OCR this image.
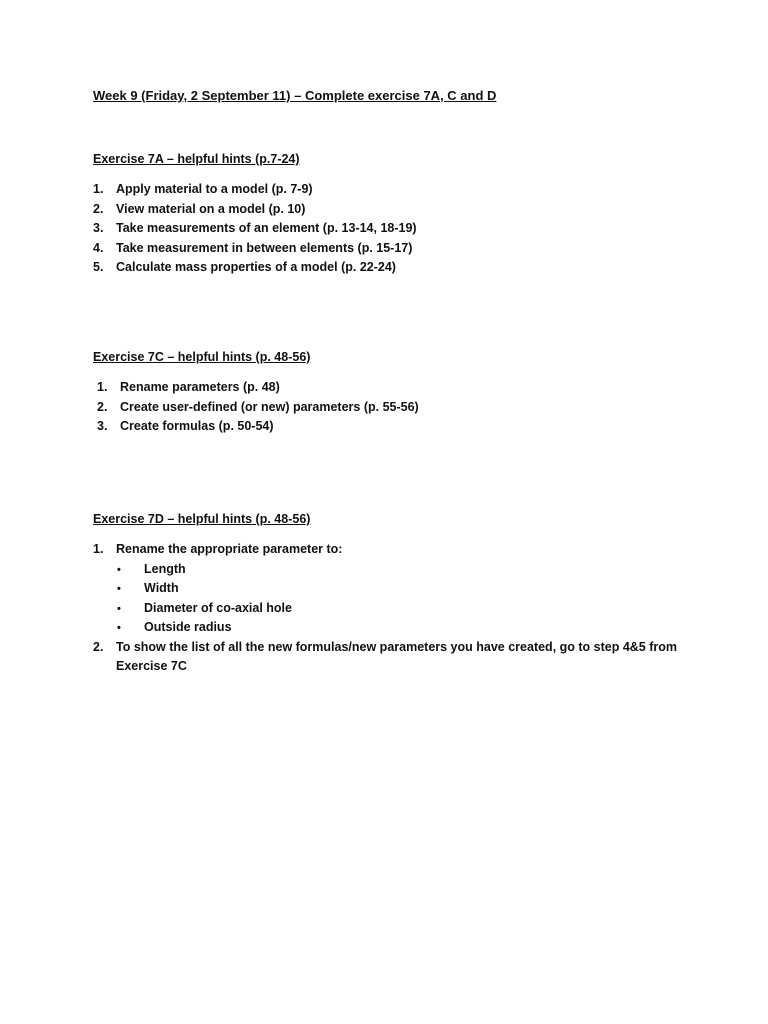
Week 9 (Friday, 2 September 11) – Complete exercise 7A, C and D
Exercise 7A – helpful hints (p.7-24)
1. Apply material to a model (p. 7-9)
2. View material on a model (p. 10)
3. Take measurements of an element (p. 13-14, 18-19)
4. Take measurement in between elements (p. 15-17)
5. Calculate mass properties of a model (p. 22-24)
Exercise 7C – helpful hints (p. 48-56)
1. Rename parameters (p. 48)
2. Create user-defined (or new) parameters (p. 55-56)
3. Create formulas (p. 50-54)
Exercise 7D – helpful hints (p. 48-56)
1. Rename the appropriate parameter to:
• Length
• Width
• Diameter of co-axial hole
• Outside radius
2. To show the list of all the new formulas/new parameters you have created, go to step 4&5 from
Exercise 7C
